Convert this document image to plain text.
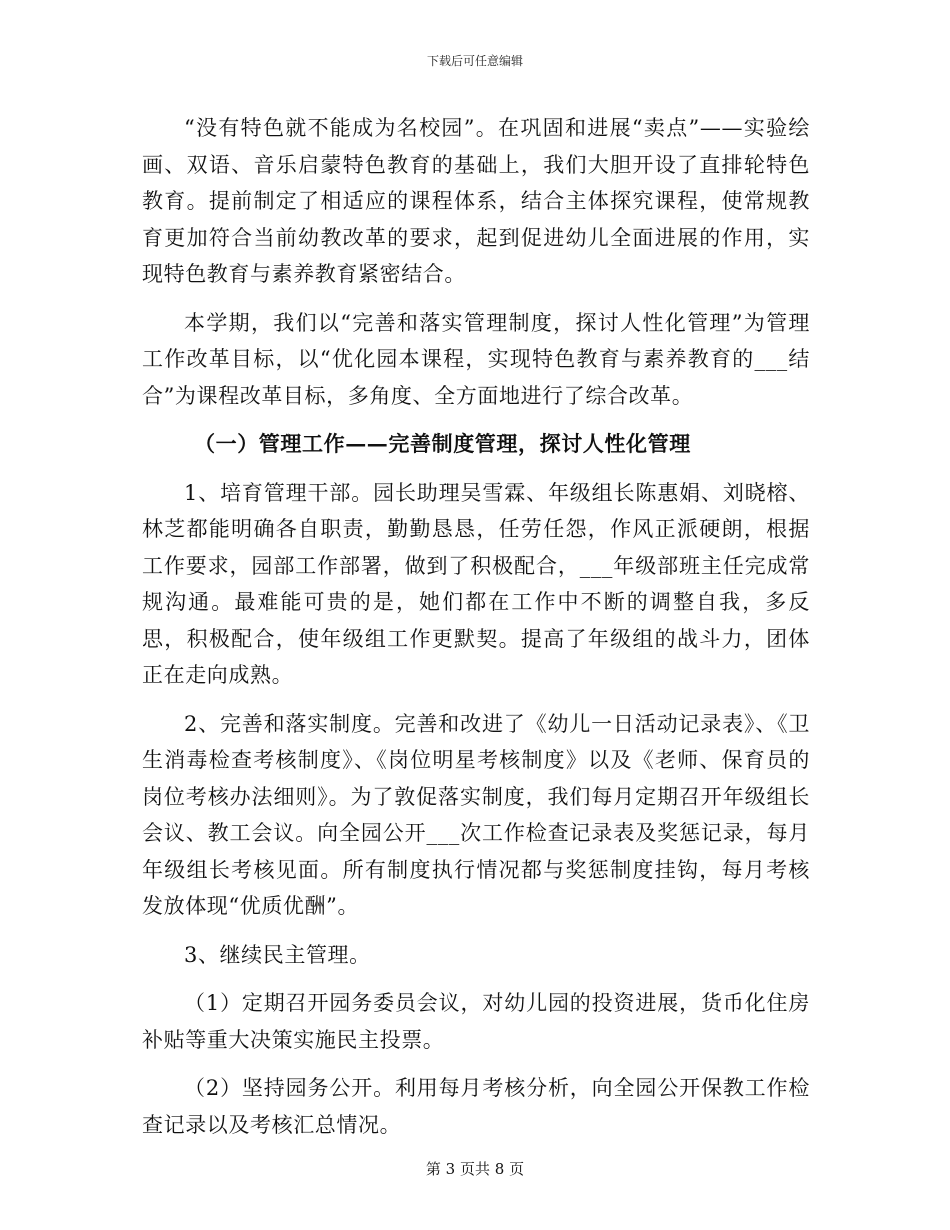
下载后可任意编辑

“没有特色就不能成为名校园”。在巩固和进展“卖点”——实验绘画、双语、音乐启蒙特色教育的基础上，我们大胆开设了直排轮特色教育。提前制定了相适应的课程体系，结合主体探究课程，使常规教育更加符合当前幼教改革的要求，起到促进幼儿全面进展的作用，实现特色教育与素养教育紧密结合。

本学期，我们以“完善和落实管理制度，探讨人性化管理”为管理工作改革目标，以“优化园本课程，实现特色教育与素养教育的___结合”为课程改革目标，多角度、全方面地进行了综合改革。

（一）管理工作——完善制度管理，探讨人性化管理

1、培育管理干部。园长助理吴雪霖、年级组长陈惠娟、刘晓榕、林芝都能明确各自职责，勤勤恳恳，任劳任怨，作风正派硬朗，根据工作要求，园部工作部署，做到了积极配合，___年级部班主任完成常规沟通。最难能可贵的是，她们都在工作中不断的调整自我，多反思，积极配合，使年级组工作更默契。提高了年级组的战斗力，团体正在走向成熟。

2、完善和落实制度。完善和改进了《幼儿一日活动记录表》、《卫生消毒检查考核制度》、《岗位明星考核制度》以及《老师、保育员的岗位考核办法细则》。为了敦促落实制度，我们每月定期召开年级组长会议、教工会议。向全园公开___次工作检查记录表及奖惩记录，每月年级组长考核见面。所有制度执行情况都与奖惩制度挂钩，每月考核发放体现“优质优酬”。

3、继续民主管理。

（1）定期召开园务委员会议，对幼儿园的投资进展，货币化住房补贴等重大决策实施民主投票。

（2）坚持园务公开。利用每月考核分析，向全园公开保教工作检查记录以及考核汇总情况。

第 3 页共 8 页
